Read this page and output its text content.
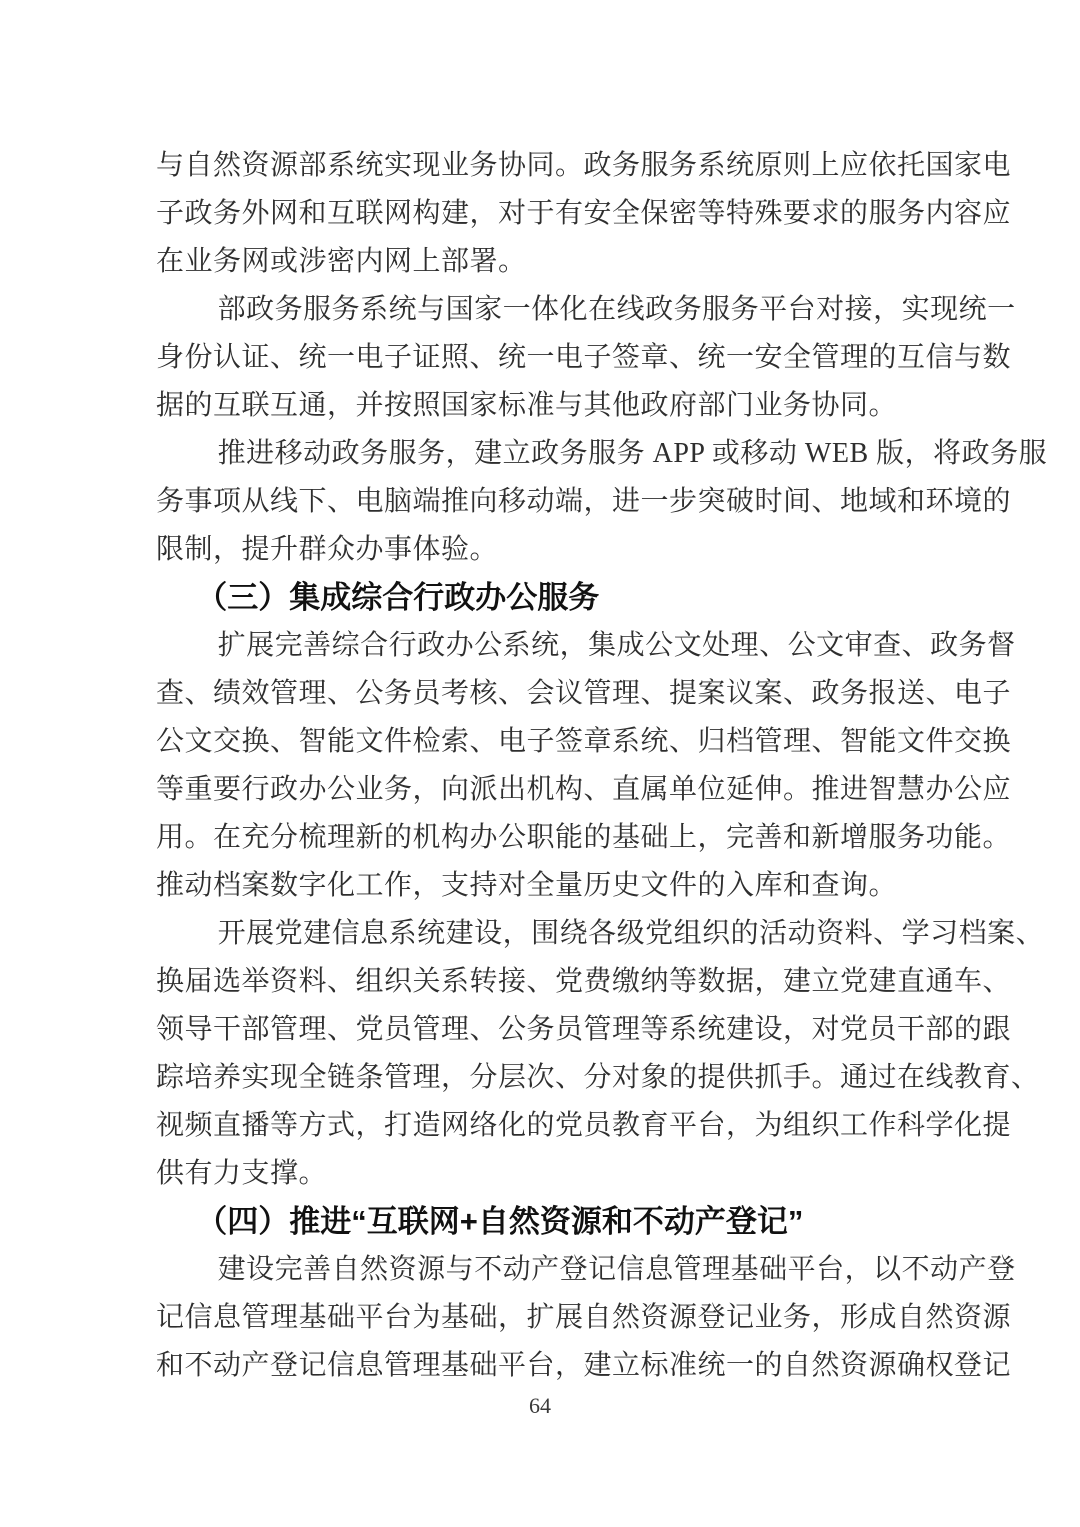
与自然资源部系统实现业务协同。政务服务系统原则上应依托国家电
子政务外网和互联网构建，对于有安全保密等特殊要求的服务内容应
在业务网或涉密内网上部署。
部政务服务系统与国家一体化在线政务服务平台对接，实现统一
身份认证、统一电子证照、统一电子签章、统一安全管理的互信与数
据的互联互通，并按照国家标准与其他政府部门业务协同。
推进移动政务服务，建立政务服务 APP 或移动 WEB 版，将政务服
务事项从线下、电脑端推向移动端，进一步突破时间、地域和环境的
限制，提升群众办事体验。
（三）集成综合行政办公服务
扩展完善综合行政办公系统，集成公文处理、公文审查、政务督
查、绩效管理、公务员考核、会议管理、提案议案、政务报送、电子
公文交换、智能文件检索、电子签章系统、归档管理、智能文件交换
等重要行政办公业务，向派出机构、直属单位延伸。推进智慧办公应
用。在充分梳理新的机构办公职能的基础上，完善和新增服务功能。
推动档案数字化工作，支持对全量历史文件的入库和查询。
开展党建信息系统建设，围绕各级党组织的活动资料、学习档案、
换届选举资料、组织关系转接、党费缴纳等数据，建立党建直通车、
领导干部管理、党员管理、公务员管理等系统建设，对党员干部的跟
踪培养实现全链条管理，分层次、分对象的提供抓手。通过在线教育、
视频直播等方式，打造网络化的党员教育平台，为组织工作科学化提
供有力支撑。
（四）推进“互联网+自然资源和不动产登记”
建设完善自然资源与不动产登记信息管理基础平台，以不动产登
记信息管理基础平台为基础，扩展自然资源登记业务，形成自然资源
和不动产登记信息管理基础平台，建立标准统一的自然资源确权登记
64
